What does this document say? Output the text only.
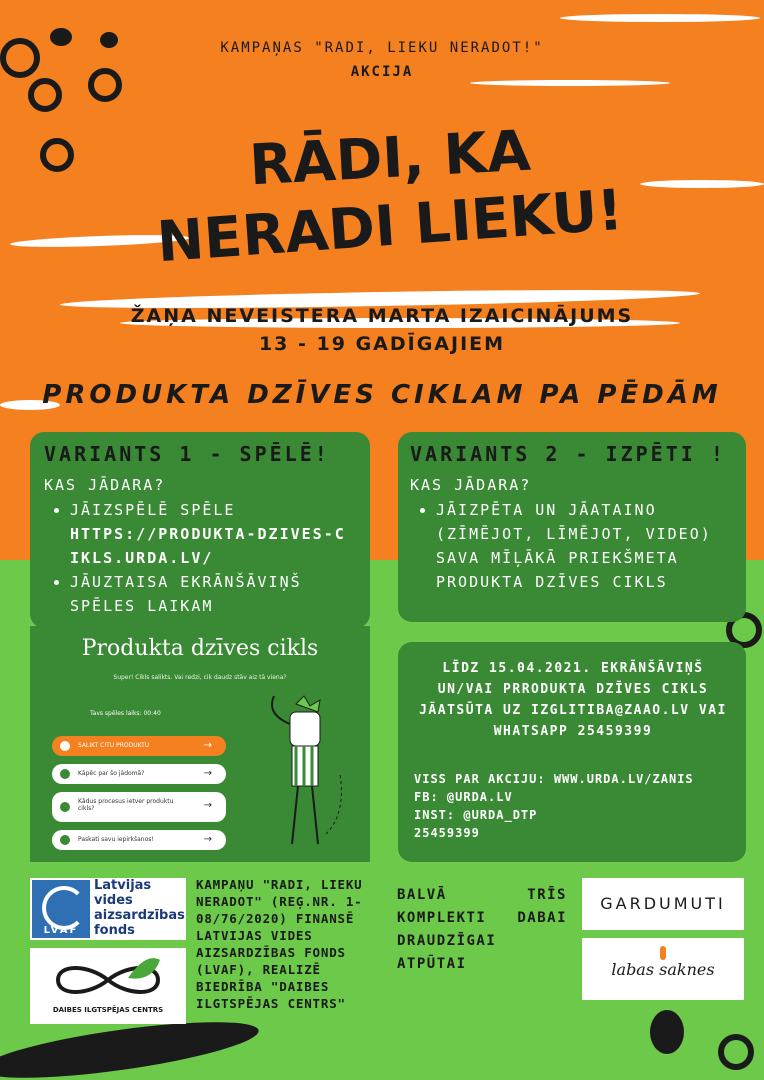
KAMPAŅAS "RADI, LIEKU NERADOT!"
AKCIJA
RĀDI, KA
NERADI LIEKU!
ŽAŅA NEVEISTERA MARTA IZAICINĀJUMS
13 - 19 GADĪGAJIEM
PRODUKTA DZĪVES CIKLAM PA PĒDĀM
VARIANTS 1 - SPĒLĒ!
KAS JĀDARA?
• JĀIZSPĒLĒ SPĒLE
HTTPS://PRODUKTA-DZIVES-CIKLS.URDA.LV/
• JĀUZTAISA EKRĀNŠĀVIŅŠ SPĒLES LAIKAM
VARIANTS 2 - IZPĒTI !
KAS JĀDARA?
• JĀIZPĒTA UN JĀATAINO (ZĪMĒJOT, LĪMĒJOT, VIDEO) SAVA MĪĻĀKĀ PRIEKŠMETA PRODUKTA DZĪVES CIKLS
Produkta dzīves cikls
Super! Cikls salikts. Vai redzi, cik daudz stāv aiz tā viena?
Tavs spēles laiks: 00:40
SALIKT CITU PRODUKTU	→
Kāpēc par šo jādomā?	→
Kādus procesus ietver produktu cikls?	→
Paskati savu iepirkšanos!	→
LĪDZ 15.04.2021. EKRĀNŠĀVIŅŠ UN/VAI PRRODUKTA DZĪVES CIKLS JĀATSŪTA UZ IZGLITIBA@ZAAO.LV VAI WHATSAPP 25459399
VISS PAR AKCIJU: WWW.URDA.LV/ZANIS
FB: @URDA.LV
INST: @URDA_DTP
25459399
LVAF
Latvijas
vides
aizsardzības
fonds
DAIBES ILGTSPĒJAS CENTRS
KAMPAŅU "RADI, LIEKU NERADOT" (REĢ.NR. 1-08/76/2020) FINANSĒ LATVIJAS VIDES AIZSARDZĪBAS FONDS (LVAF), REALIZĒ BIEDRĪBA "DAIBES ILGTSPĒJAS CENTRS"
BALVĀ TRĪS KOMPLEKTI DABAI DRAUDZĪGAI ATPŪTAI
GARDUMUTI
labas saknes
